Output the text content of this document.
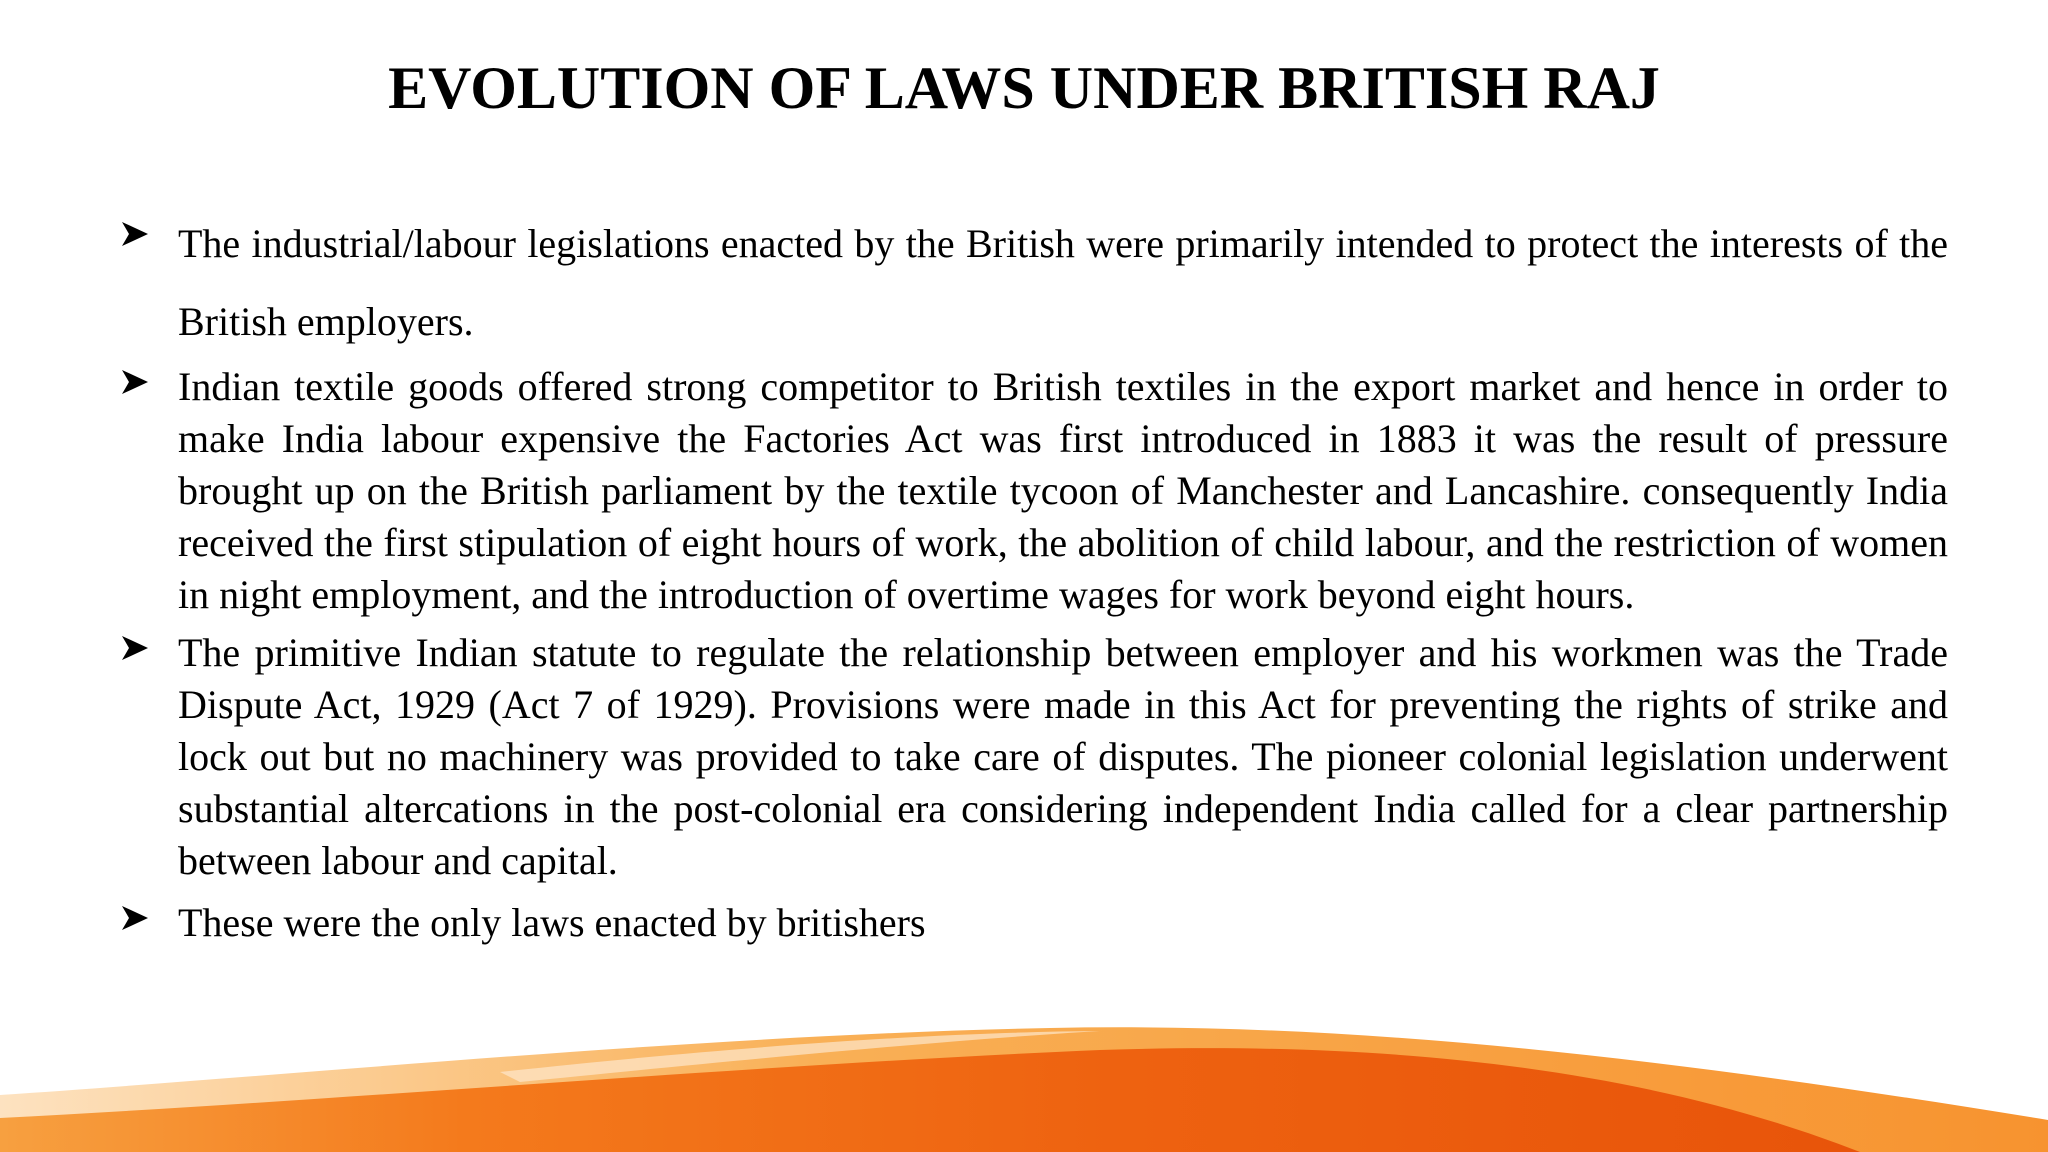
EVOLUTION OF LAWS UNDER BRITISH RAJ
The industrial/labour legislations enacted by the British were primarily intended to protect the interests of the British employers.
Indian textile goods offered strong competitor to British textiles in the export market and hence in order to make India labour expensive the Factories Act was first introduced in 1883 it was the result of pressure brought up on the British parliament by the textile tycoon of Manchester and Lancashire. consequently India received the first stipulation of eight hours of work, the abolition of child labour, and the restriction of women in night employment, and the introduction of overtime wages for work beyond eight hours.
The primitive Indian statute to regulate the relationship between employer and his workmen was the Trade Dispute Act, 1929 (Act 7 of 1929). Provisions were made in this Act for preventing the rights of strike and lock out but no machinery was provided to take care of disputes. The pioneer colonial legislation underwent substantial altercations in the post-colonial era considering independent India called for a clear partnership between labour and capital.
These were the only laws enacted by britishers
